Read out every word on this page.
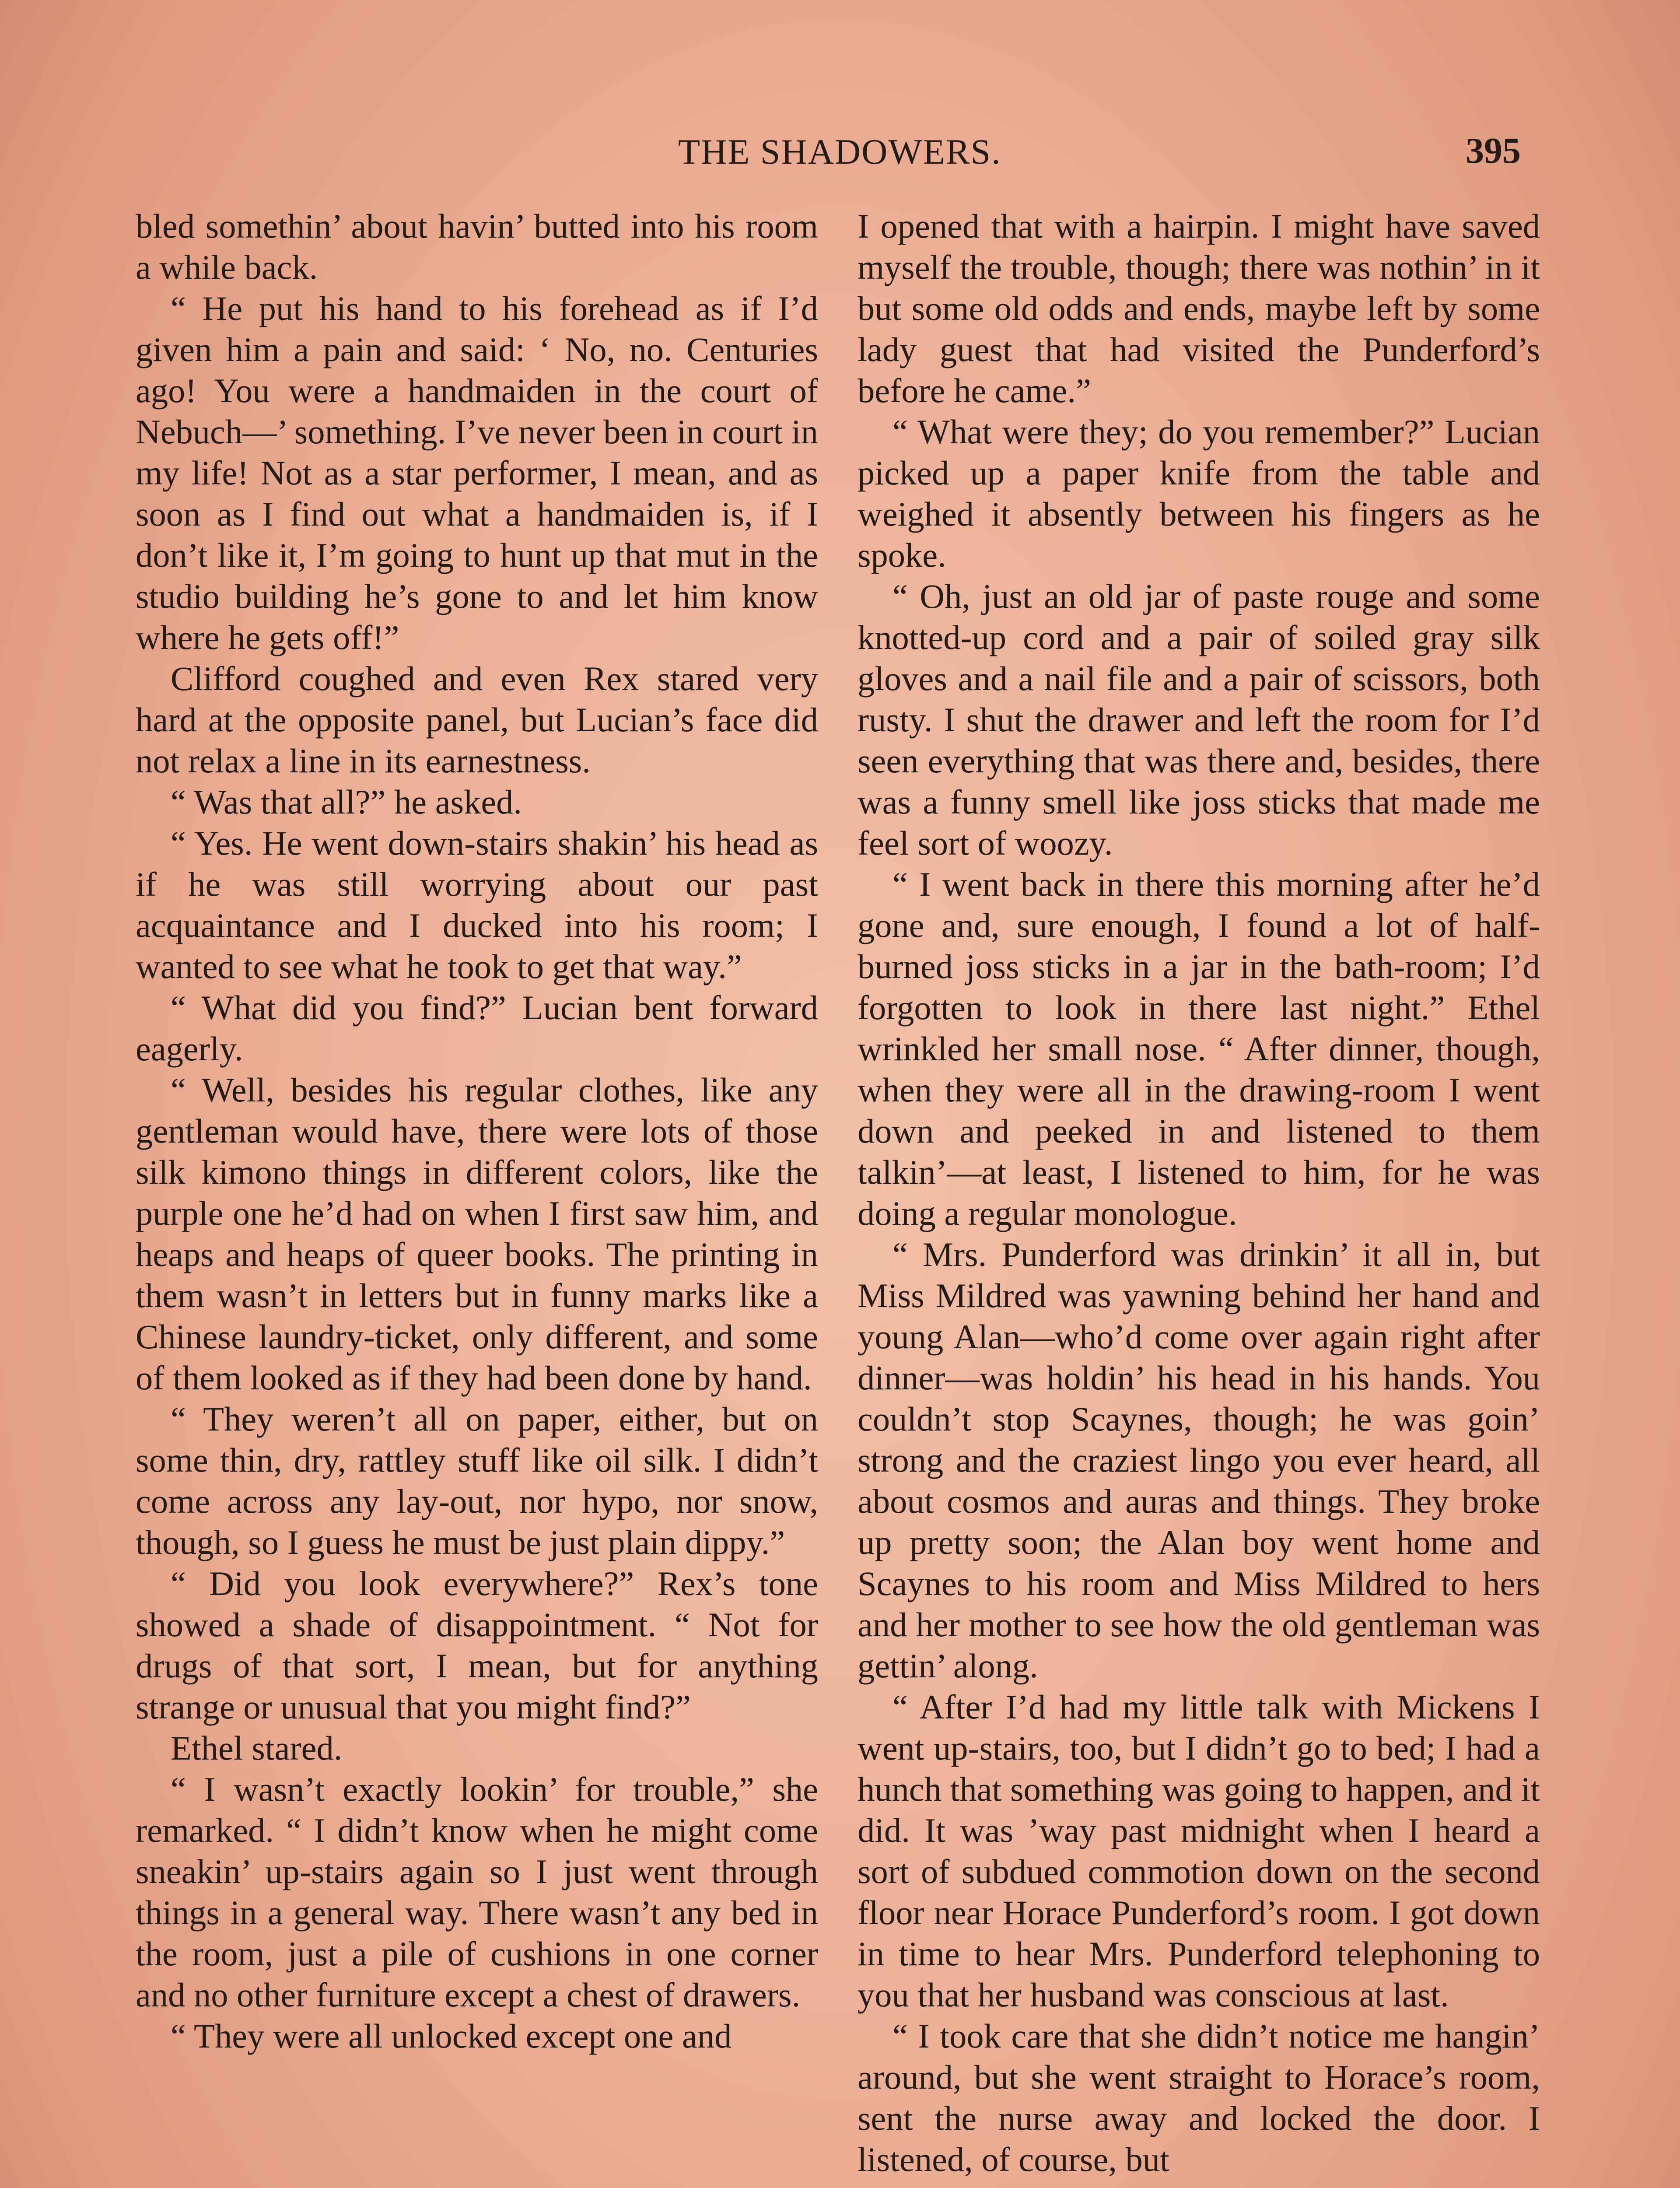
THE SHADOWERS.	395

bled somethin’ about havin’ butted into his room a while back.

“ He put his hand to his forehead as if I’d given him a pain and said: ‘ No, no. Centuries ago! You were a handmaiden in the court of Nebuch—’ something. I’ve never been in court in my life! Not as a star performer, I mean, and as soon as I find out what a handmaiden is, if I don’t like it, I’m going to hunt up that mut in the studio building he’s gone to and let him know where he gets off!”

Clifford coughed and even Rex stared very hard at the opposite panel, but Lucian’s face did not relax a line in its earnestness.

“ Was that all?” he asked.

“ Yes. He went down-stairs shakin’ his head as if he was still worrying about our past acquaintance and I ducked into his room; I wanted to see what he took to get that way.”

“ What did you find?” Lucian bent forward eagerly.

“ Well, besides his regular clothes, like any gentleman would have, there were lots of those silk kimono things in different colors, like the purple one he’d had on when I first saw him, and heaps and heaps of queer books. The printing in them wasn’t in letters but in funny marks like a Chinese laundry-ticket, only different, and some of them looked as if they had been done by hand.

“ They weren’t all on paper, either, but on some thin, dry, rattley stuff like oil silk. I didn’t come across any lay-out, nor hypo, nor snow, though, so I guess he must be just plain dippy.”

“ Did you look everywhere?” Rex’s tone showed a shade of disappointment. “ Not for drugs of that sort, I mean, but for anything strange or unusual that you might find?”

Ethel stared.

“ I wasn’t exactly lookin’ for trouble,” she remarked. “ I didn’t know when he might come sneakin’ up-stairs again so I just went through things in a general way. There wasn’t any bed in the room, just a pile of cushions in one corner and no other furniture except a chest of drawers.

“ They were all unlocked except one and

I opened that with a hairpin. I might have saved myself the trouble, though; there was nothin’ in it but some old odds and ends, maybe left by some lady guest that had visited the Punderford’s before he came.”

“ What were they; do you remember?” Lucian picked up a paper knife from the table and weighed it absently between his fingers as he spoke.

“ Oh, just an old jar of paste rouge and some knotted-up cord and a pair of soiled gray silk gloves and a nail file and a pair of scissors, both rusty. I shut the drawer and left the room for I’d seen everything that was there and, besides, there was a funny smell like joss sticks that made me feel sort of woozy.

“ I went back in there this morning after he’d gone and, sure enough, I found a lot of half-burned joss sticks in a jar in the bath-room; I’d forgotten to look in there last night.” Ethel wrinkled her small nose. “ After dinner, though, when they were all in the drawing-room I went down and peeked in and listened to them talkin’—at least, I listened to him, for he was doing a regular monologue.

“ Mrs. Punderford was drinkin’ it all in, but Miss Mildred was yawning behind her hand and young Alan—who’d come over again right after dinner—was holdin’ his head in his hands. You couldn’t stop Scaynes, though; he was goin’ strong and the craziest lingo you ever heard, all about cosmos and auras and things. They broke up pretty soon; the Alan boy went home and Scaynes to his room and Miss Mildred to hers and her mother to see how the old gentleman was gettin’ along.

“ After I’d had my little talk with Mickens I went up-stairs, too, but I didn’t go to bed; I had a hunch that something was going to happen, and it did. It was ’way past midnight when I heard a sort of subdued commotion down on the second floor near Horace Punderford’s room. I got down in time to hear Mrs. Punderford telephoning to you that her husband was conscious at last.

“ I took care that she didn’t notice me hangin’ around, but she went straight to Horace’s room, sent the nurse away and locked the door. I listened, of course, but
